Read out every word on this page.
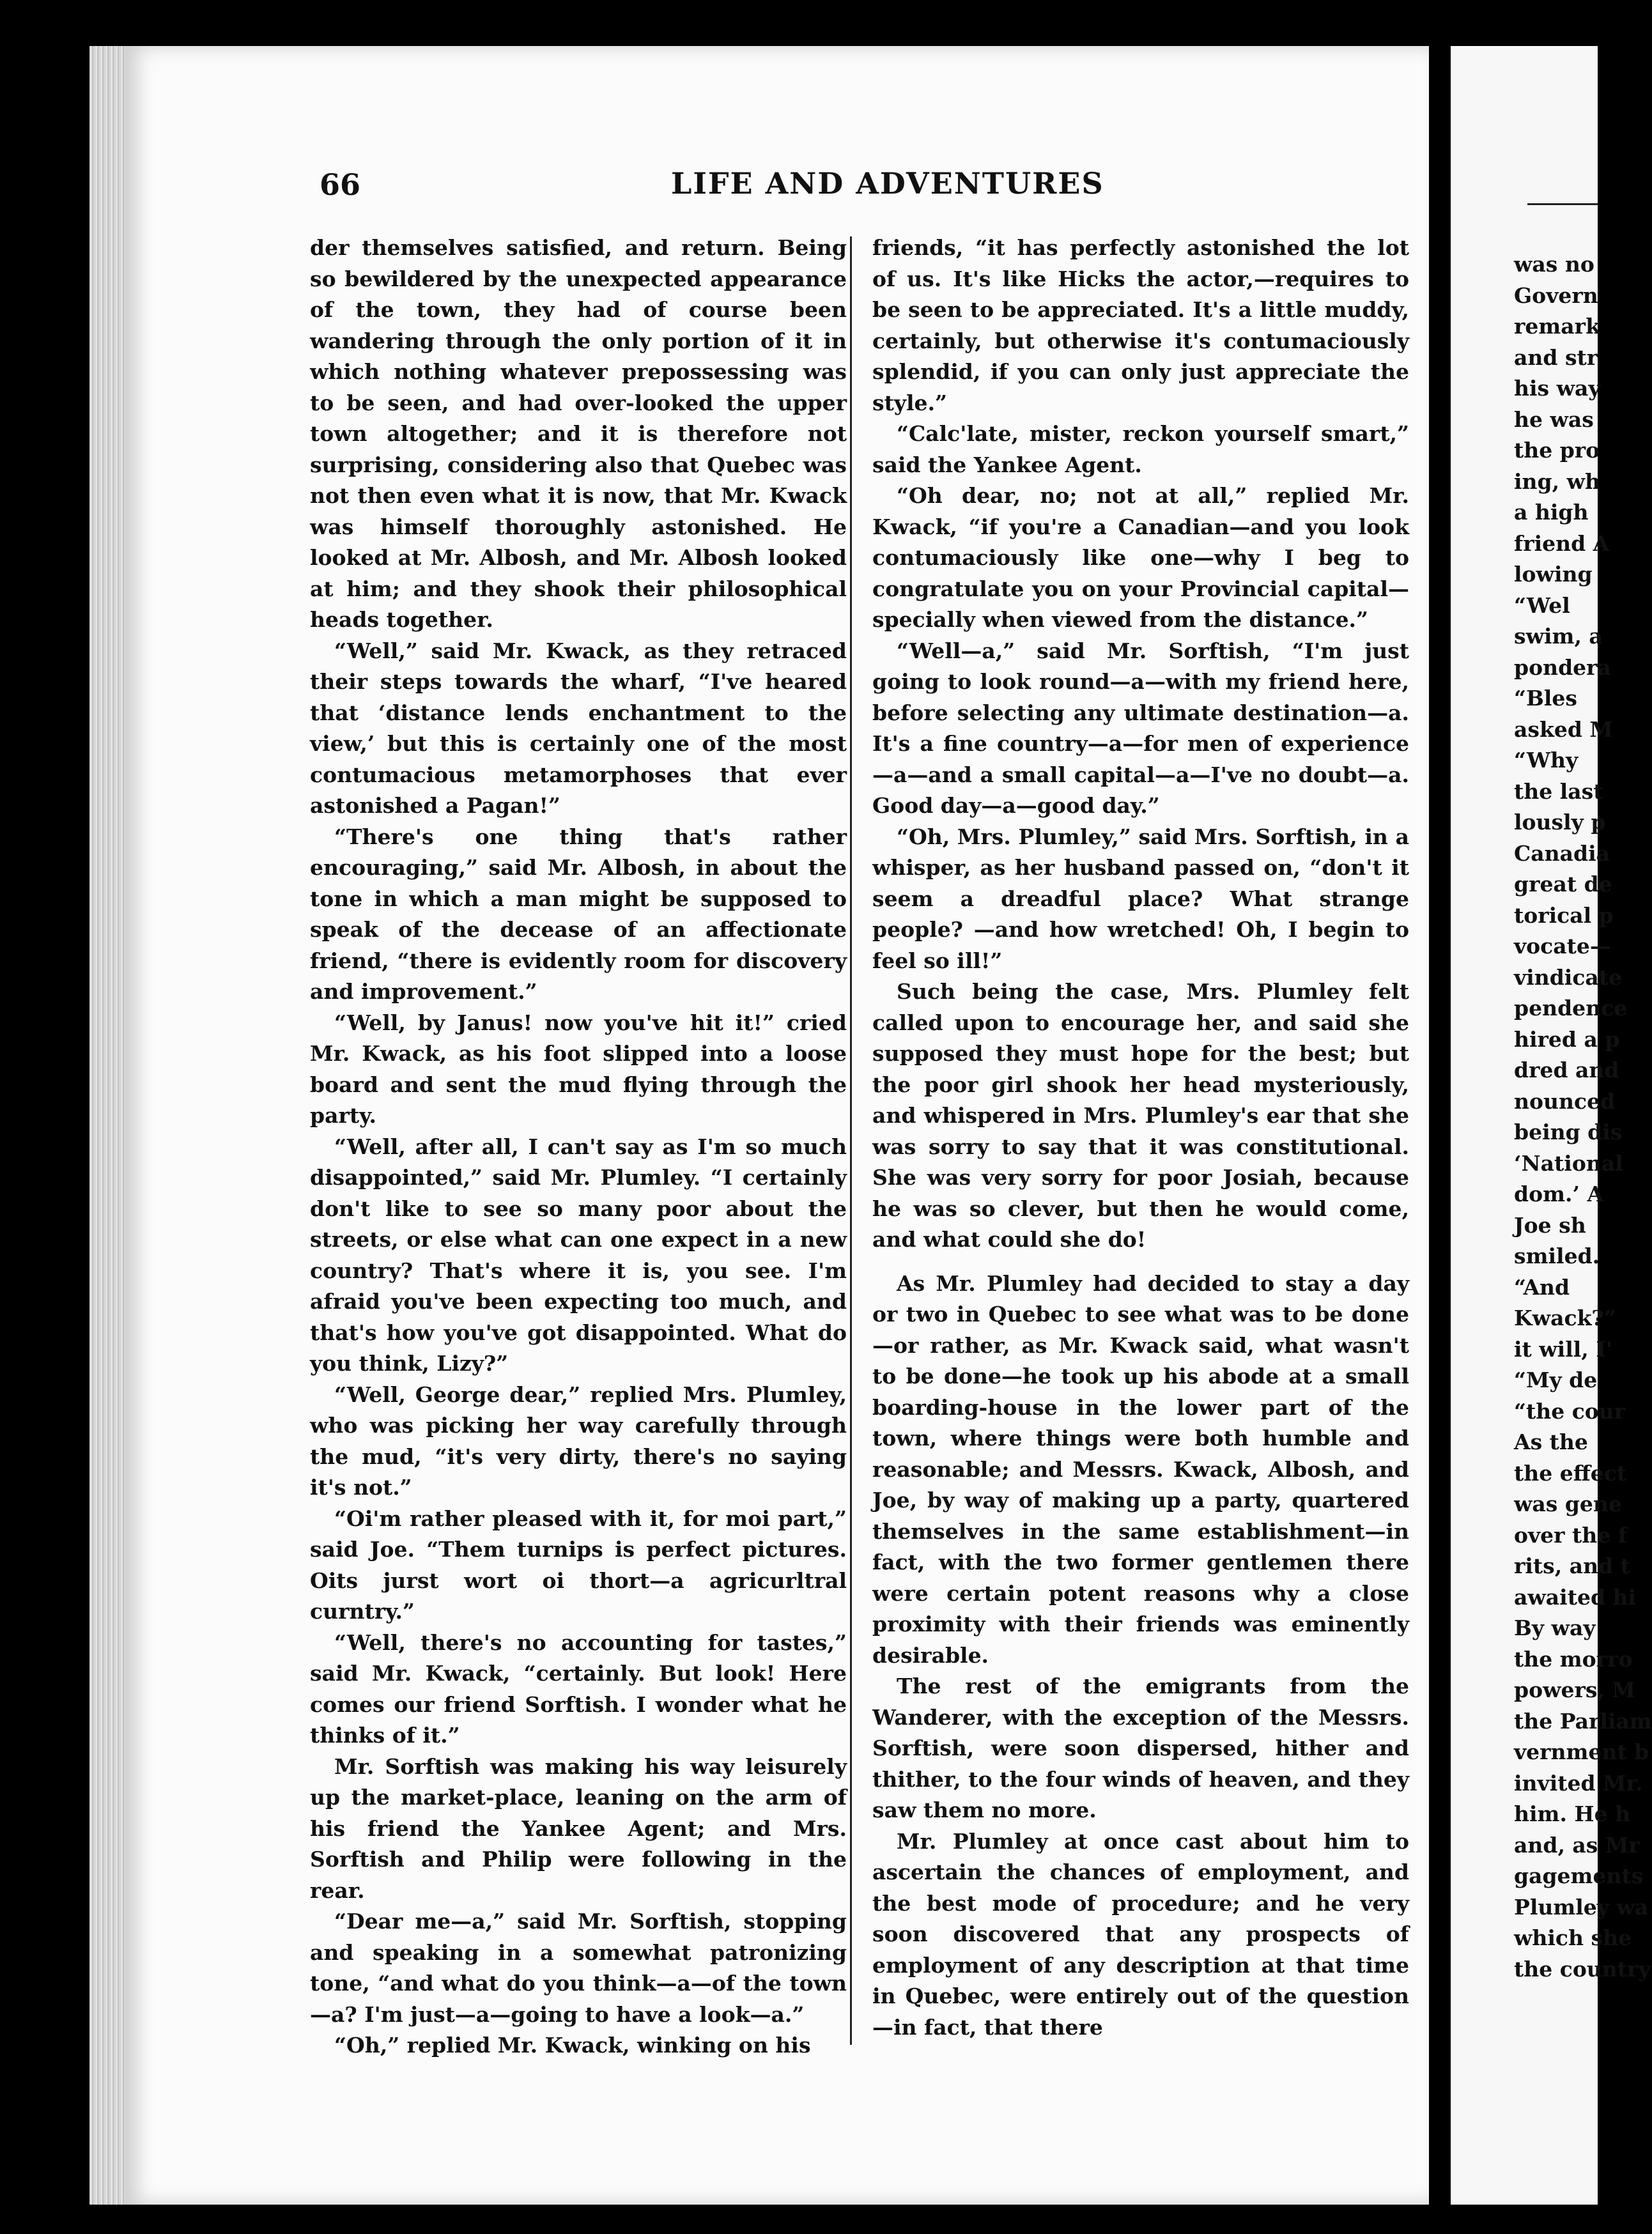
66	LIFE AND ADVENTURES

der themselves satisfied, and return. Being so bewildered by the unexpected appearance of the town, they had of course been wandering through the only portion of it in which nothing whatever prepossessing was to be seen, and had over-looked the upper town altogether; and it is therefore not surprising, considering also that Quebec was not then even what it is now, that Mr. Kwack was himself thoroughly astonished. He looked at Mr. Albosh, and Mr. Albosh looked at him; and they shook their philosophical heads together.

“Well,” said Mr. Kwack, as they retraced their steps towards the wharf, “I've heared that ‘distance lends enchantment to the view,’ but this is certainly one of the most contumacious metamorphoses that ever astonished a Pagan!”

“There's one thing that's rather encouraging,” said Mr. Albosh, in about the tone in which a man might be supposed to speak of the decease of an affectionate friend, “there is evidently room for discovery and improvement.”

“Well, by Janus! now you've hit it!” cried Mr. Kwack, as his foot slipped into a loose board and sent the mud flying through the party.

“Well, after all, I can't say as I'm so much disappointed,” said Mr. Plumley. “I certainly don't like to see so many poor about the streets, or else what can one expect in a new country? That's where it is, you see. I'm afraid you've been expecting too much, and that's how you've got disappointed. What do you think, Lizy?”

“Well, George dear,” replied Mrs. Plumley, who was picking her way carefully through the mud, “it's very dirty, there's no saying it's not.”

“Oi'm rather pleased with it, for moi part,” said Joe. “Them turnips is perfect pictures. Oits jurst wort oi thort—a agricurltral curntry.”

“Well, there's no accounting for tastes,” said Mr. Kwack, “certainly. But look! Here comes our friend Sorftish. I wonder what he thinks of it.”

Mr. Sorftish was making his way leisurely up the market-place, leaning on the arm of his friend the Yankee Agent; and Mrs. Sorftish and Philip were following in the rear.

“Dear me—a,” said Mr. Sorftish, stopping and speaking in a somewhat patronizing tone, “and what do you think—a—of the town—a? I'm just—a—going to have a look—a.”

“Oh,” replied Mr. Kwack, winking on his

friends, “it has perfectly astonished the lot of us. It's like Hicks the actor,—requires to be seen to be appreciated. It's a little muddy, certainly, but otherwise it's contumaciously splendid, if you can only just appreciate the style.”

“Calc'late, mister, reckon yourself smart,” said the Yankee Agent.

“Oh dear, no; not at all,” replied Mr. Kwack, “if you're a Canadian—and you look contumaciously like one—why I beg to congratulate you on your Provincial capital—specially when viewed from the distance.”

“Well—a,” said Mr. Sorftish, “I'm just going to look round—a—with my friend here, before selecting any ultimate destination—a. It's a fine country—a—for men of experience—a—and a small capital—a—I've no doubt—a. Good day—a—good day.”

“Oh, Mrs. Plumley,” said Mrs. Sorftish, in a whisper, as her husband passed on, “don't it seem a dreadful place? What strange people? —and how wretched! Oh, I begin to feel so ill!”

Such being the case, Mrs. Plumley felt called upon to encourage her, and said she supposed they must hope for the best; but the poor girl shook her head mysteriously, and whispered in Mrs. Plumley's ear that she was sorry to say that it was constitutional. She was very sorry for poor Josiah, because he was so clever, but then he would come, and what could she do!

As Mr. Plumley had decided to stay a day or two in Quebec to see what was to be done—or rather, as Mr. Kwack said, what wasn't to be done—he took up his abode at a small boarding-house in the lower part of the town, where things were both humble and reasonable; and Messrs. Kwack, Albosh, and Joe, by way of making up a party, quartered themselves in the same establishment—in fact, with the two former gentlemen there were certain potent reasons why a close proximity with their friends was eminently desirable.

The rest of the emigrants from the Wanderer, with the exception of the Messrs. Sorftish, were soon dispersed, hither and thither, to the four winds of heaven, and they saw them no more.

Mr. Plumley at once cast about him to ascertain the chances of employment, and the best mode of procedure; and he very soon discovered that any prospects of employment of any description at that time in Quebec, were entirely out of the question—in fact, that there

was no
Govern
remark
and str
his way
he was
the pro
ing, wh
a high
friend A
lowing
“Wel
swim, a
pondera
“Bles
asked M
“Why
the last
lously p
Canadia
great de
torical p
vocate—
vindicate
pendence
hired a p
dred and
nounced
being dis
‘National
dom.’ A
Joe sh
smiled.
“And
Kwack?”
it will, I'
“My de
“the cour
As the
the effect
was gene
over the f
rits, and t
awaited hi
By way
the morro
powers, M
the Parliam
vernment b
invited Mr.
him. He h
and, as Mr
gagements
Plumley wa
which she
the country
